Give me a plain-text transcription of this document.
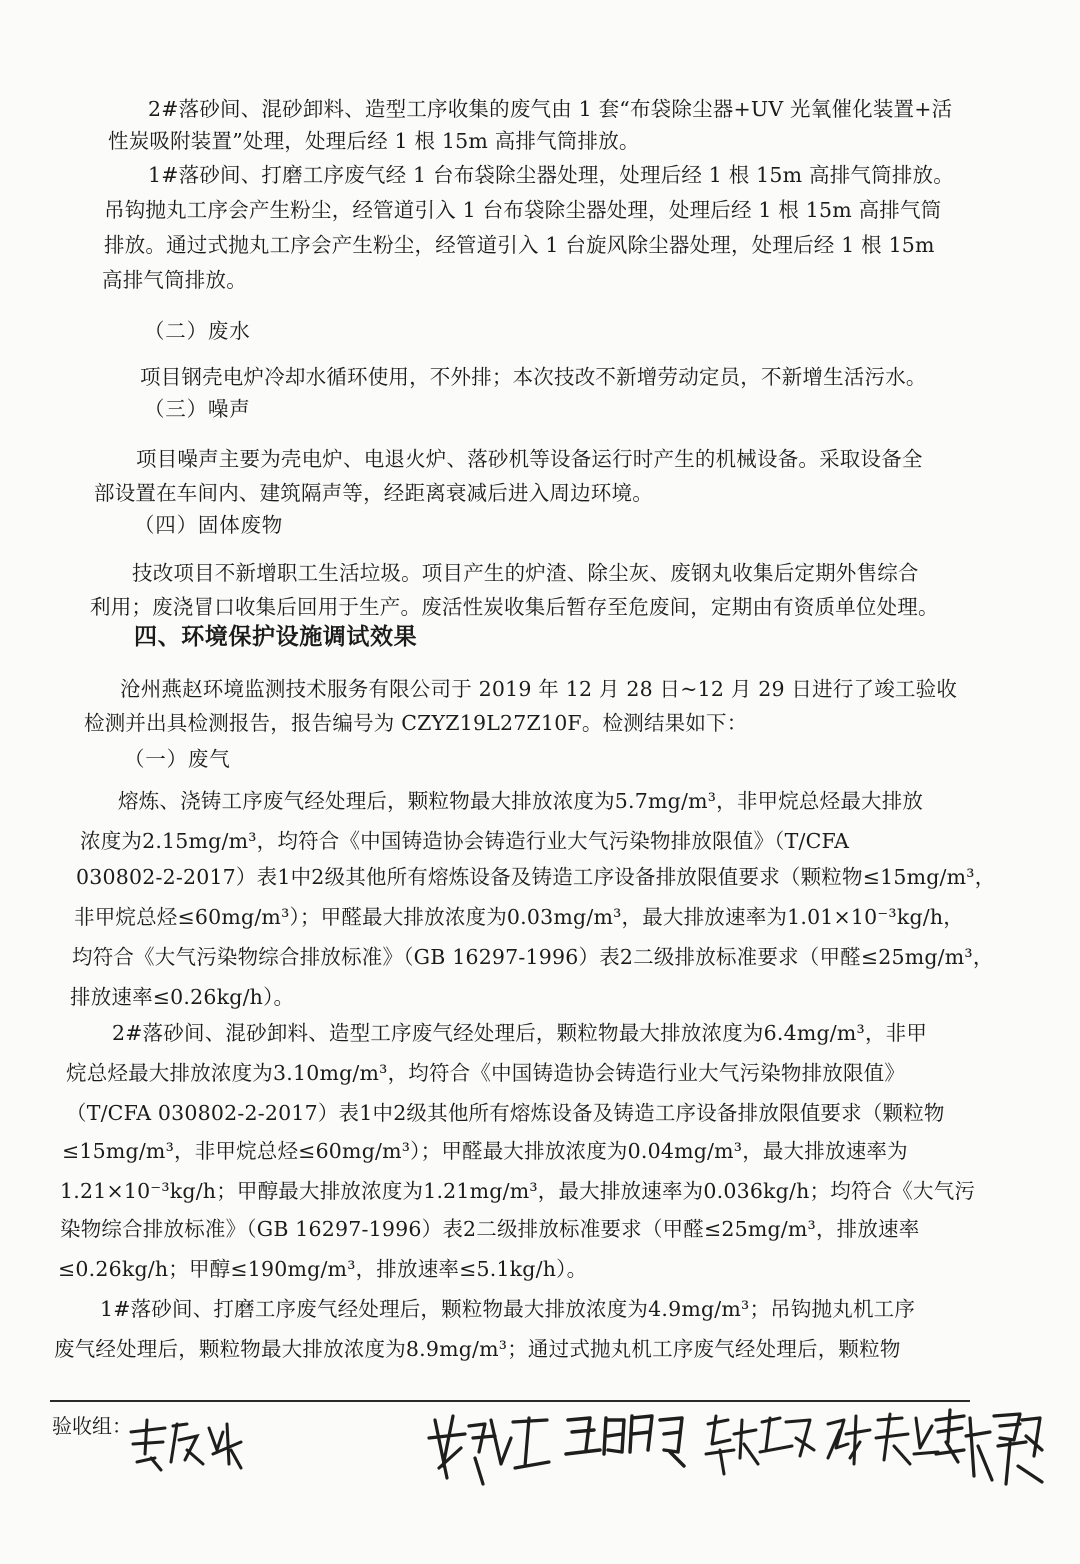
2#落砂间、混砂卸料、造型工序收集的废气由 1 套“布袋除尘器+UV 光氧催化装置+活

性炭吸附装置”处理，处理后经 1 根 15m 高排气筒排放。

1#落砂间、打磨工序废气经 1 台布袋除尘器处理，处理后经 1 根 15m 高排气筒排放。

吊钩抛丸工序会产生粉尘，经管道引入 1 台布袋除尘器处理，处理后经 1 根 15m 高排气筒

排放。通过式抛丸工序会产生粉尘，经管道引入 1 台旋风除尘器处理，处理后经 1 根 15m

高排气筒排放。

（二）废水

项目钢壳电炉冷却水循环使用，不外排；本次技改不新增劳动定员，不新增生活污水。

（三）噪声

项目噪声主要为壳电炉、电退火炉、落砂机等设备运行时产生的机械设备。采取设备全

部设置在车间内、建筑隔声等，经距离衰减后进入周边环境。

（四）固体废物

技改项目不新增职工生活垃圾。项目产生的炉渣、除尘灰、废钢丸收集后定期外售综合

利用；废浇冒口收集后回用于生产。废活性炭收集后暂存至危废间，定期由有资质单位处理。

四、环境保护设施调试效果

沧州燕赵环境监测技术服务有限公司于 2019 年 12 月 28 日~12 月 29 日进行了竣工验收

检测并出具检测报告，报告编号为 CZYZ19L27Z10F。检测结果如下：

（一）废气

熔炼、浇铸工序废气经处理后，颗粒物最大排放浓度为5.7mg/m³，非甲烷总烃最大排放

浓度为2.15mg/m³，均符合《中国铸造协会铸造行业大气污染物排放限值》（T/CFA

030802-2-2017）表1中2级其他所有熔炼设备及铸造工序设备排放限值要求（颗粒物≤15mg/m³，

非甲烷总烃≤60mg/m³）；甲醛最大排放浓度为0.03mg/m³，最大排放速率为1.01×10⁻³kg/h，

均符合《大气污染物综合排放标准》（GB 16297-1996）表2二级排放标准要求（甲醛≤25mg/m³，

排放速率≤0.26kg/h）。

2#落砂间、混砂卸料、造型工序废气经处理后，颗粒物最大排放浓度为6.4mg/m³，非甲

烷总烃最大排放浓度为3.10mg/m³，均符合《中国铸造协会铸造行业大气污染物排放限值》

（T/CFA 030802-2-2017）表1中2级其他所有熔炼设备及铸造工序设备排放限值要求（颗粒物

≤15mg/m³，非甲烷总烃≤60mg/m³）；甲醛最大排放浓度为0.04mg/m³，最大排放速率为

1.21×10⁻³kg/h；甲醇最大排放浓度为1.21mg/m³，最大排放速率为0.036kg/h；均符合《大气污

染物综合排放标准》（GB 16297-1996）表2二级排放标准要求（甲醛≤25mg/m³，排放速率

≤0.26kg/h；甲醇≤190mg/m³，排放速率≤5.1kg/h）。

1#落砂间、打磨工序废气经处理后，颗粒物最大排放浓度为4.9mg/m³；吊钩抛丸机工序

废气经处理后，颗粒物最大排放浓度为8.9mg/m³；通过式抛丸机工序废气经处理后，颗粒物

验收组：
